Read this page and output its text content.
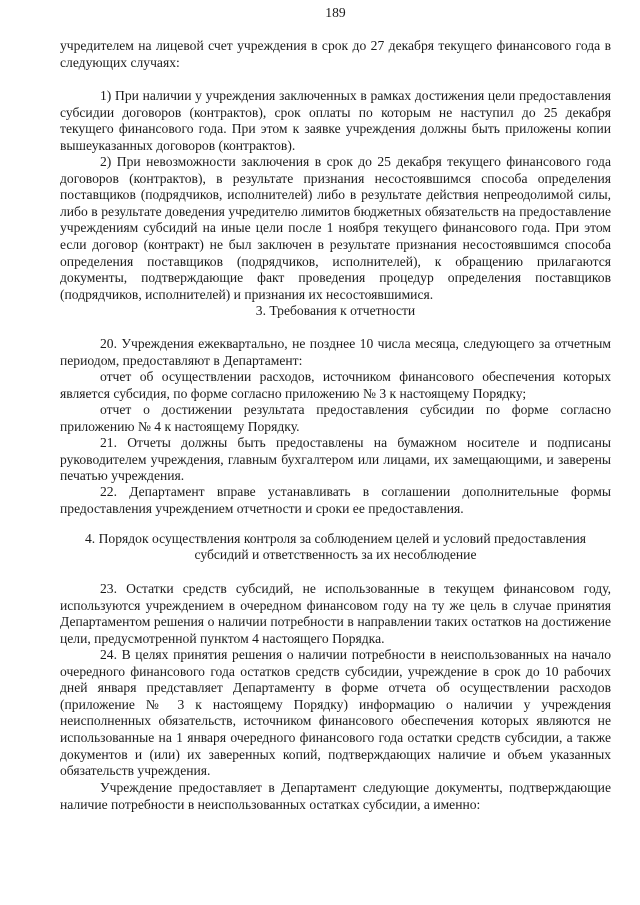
189

учредителем на лицевой счет учреждения в срок до 27 декабря текущего финансового года в следующих случаях:

1) При наличии у учреждения заключенных в рамках достижения цели предоставления субсидии договоров (контрактов), срок оплаты по которым не наступил до 25 декабря текущего финансового года. При этом к заявке учреждения должны быть приложены копии вышеуказанных договоров (контрактов).

2) При невозможности заключения в срок до 25 декабря текущего финансового года договоров (контрактов), в результате признания несостоявшимся способа определения поставщиков (подрядчиков, исполнителей) либо в результате действия непреодолимой силы, либо в результате доведения учредителю лимитов бюджетных обязательств на предоставление учреждениям субсидий на иные цели после 1 ноября текущего финансового года. При этом если договор (контракт) не был заключен в результате признания несостоявшимся способа определения поставщиков (подрядчиков, исполнителей), к обращению прилагаются документы, подтверждающие факт проведения процедур определения поставщиков (подрядчиков, исполнителей) и признания их несостоявшимися.

3. Требования к отчетности

20. Учреждения ежеквартально, не позднее 10 числа месяца, следующего за отчетным периодом, предоставляют в Департамент:

отчет об осуществлении расходов, источником финансового обеспечения которых является субсидия, по форме согласно приложению № 3 к настоящему Порядку;

отчет о достижении результата предоставления субсидии по форме согласно приложению № 4 к настоящему Порядку.

21. Отчеты должны быть предоставлены на бумажном носителе и подписаны руководителем учреждения, главным бухгалтером или лицами, их замещающими, и заверены печатью учреждения.

22. Департамент вправе устанавливать в соглашении дополнительные формы предоставления учреждением отчетности и сроки ее предоставления.

4. Порядок осуществления контроля за соблюдением целей и условий предоставления
субсидий и ответственность за их несоблюдение

23. Остатки средств субсидий, не использованные в текущем финансовом году, используются учреждением в очередном финансовом году на ту же цель в случае принятия Департаментом решения о наличии потребности в направлении таких остатков на достижение цели, предусмотренной пунктом 4 настоящего Порядка.

24. В целях принятия решения о наличии потребности в неиспользованных на начало очередного финансового года остатков средств субсидии, учреждение в срок до 10 рабочих дней января представляет Департаменту в форме отчета об осуществлении расходов (приложение № 3 к настоящему Порядку) информацию о наличии у учреждения неисполненных обязательств, источником финансового обеспечения которых являются не использованные на 1 января очередного финансового года остатки средств субсидии, а также документов и (или) их заверенных копий, подтверждающих наличие и объем указанных обязательств учреждения.

Учреждение предоставляет в Департамент следующие документы, подтверждающие наличие потребности в неиспользованных остатках субсидии, а именно:
